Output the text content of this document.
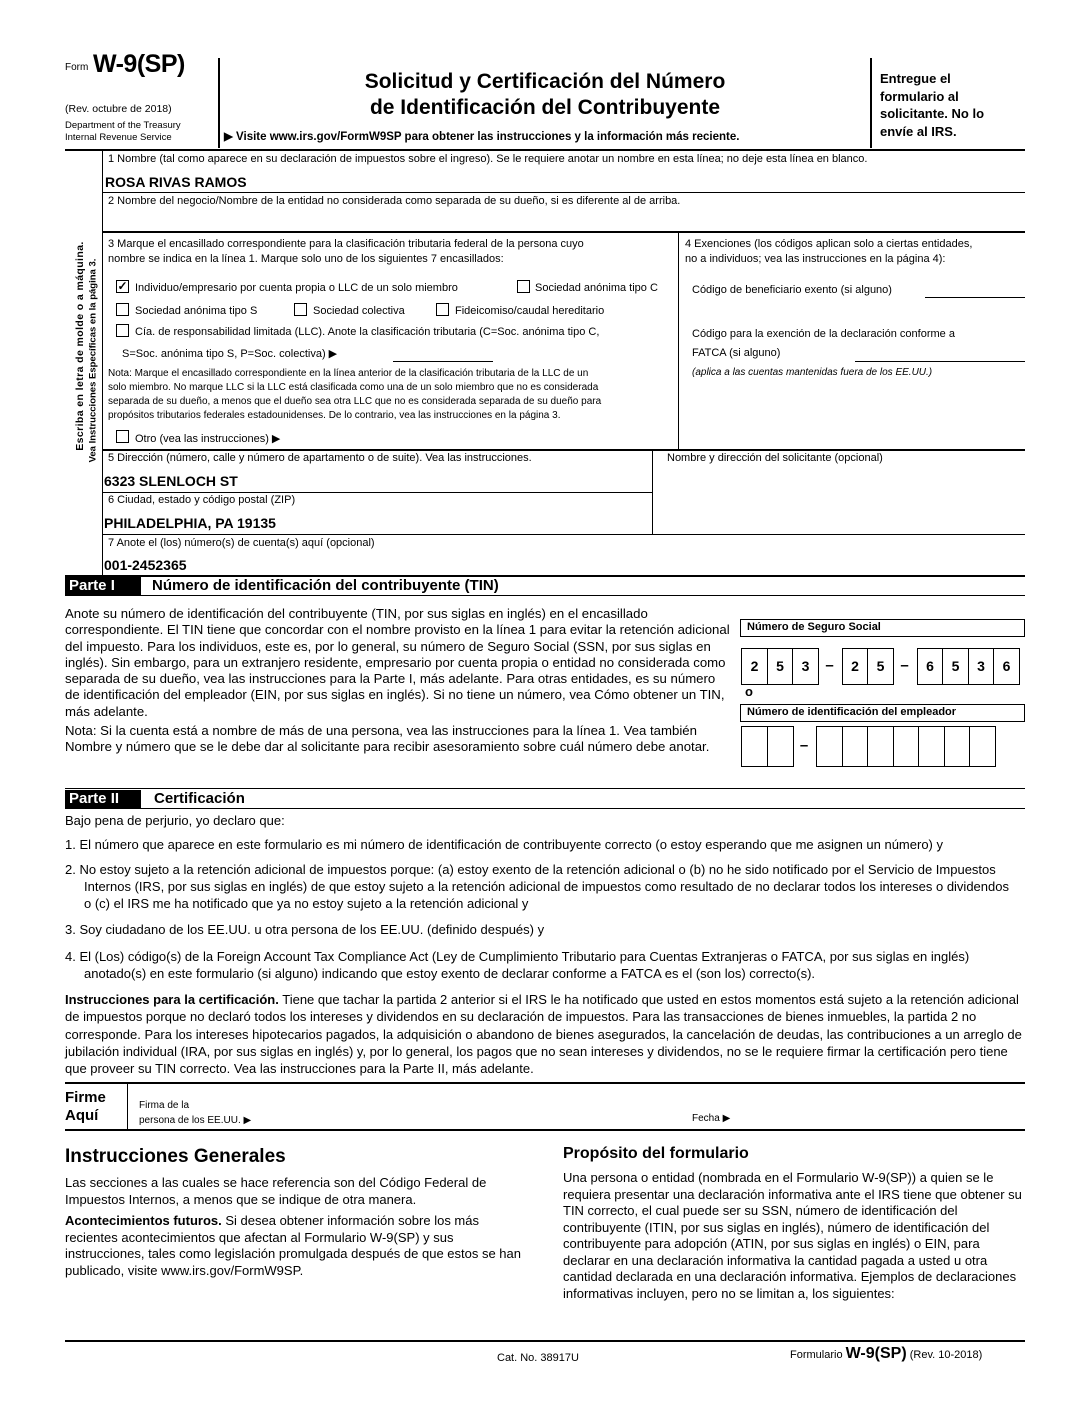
Form W-9(SP)
(Rev. octubre de 2018)
Department of the Treasury
Internal Revenue Service
Solicitud y Certificación del Número
de Identificación del Contribuyente
▶ Visite www.irs.gov/FormW9SP para obtener las instrucciones y la información más reciente.
Entregue el
formulario al
solicitante. No lo
envíe al IRS.
Escriba en letra de molde o a máquina. Vea Instrucciones Específicas en la página 3.
1 Nombre (tal como aparece en su declaración de impuestos sobre el ingreso). Se le requiere anotar un nombre en esta línea; no deje esta línea en blanco.
ROSA RIVAS RAMOS
2 Nombre del negocio/Nombre de la entidad no considerada como separada de su dueño, si es diferente al de arriba.
3 Marque el encasillado correspondiente para la clasificación tributaria federal de la persona cuyo
nombre se indica en la línea 1. Marque solo uno de los siguientes 7 encasillados:
✓ Individuo/empresario por cuenta propia o LLC de un solo miembro	Sociedad anónima tipo C
Sociedad anónima tipo S	Sociedad colectiva	Fideicomiso/caudal hereditario
Cía. de responsabilidad limitada (LLC). Anote la clasificación tributaria (C=Soc. anónima tipo C,
S=Soc. anónima tipo S, P=Soc. colectiva) ▶
Nota: Marque el encasillado correspondiente en la línea anterior de la clasificación tributaria de la LLC de un
solo miembro. No marque LLC si la LLC está clasificada como una de un solo miembro que no es considerada
separada de su dueño, a menos que el dueño sea otra LLC que no es considerada separada de su dueño para
propósitos tributarios federales estadounidenses. De lo contrario, vea las instrucciones en la página 3.
Otro (vea las instrucciones) ▶
4 Exenciones (los códigos aplican solo a ciertas entidades,
no a individuos; vea las instrucciones en la página 4):
Código de beneficiario exento (si alguno)
Código para la exención de la declaración conforme a
FATCA (si alguno)
(aplica a las cuentas mantenidas fuera de los EE.UU.)
5 Dirección (número, calle y número de apartamento o de suite). Vea las instrucciones.
6323 SLENLOCH ST
6 Ciudad, estado y código postal (ZIP)
PHILADELPHIA, PA 19135
Nombre y dirección del solicitante (opcional)
7 Anote el (los) número(s) de cuenta(s) aquí (opcional)
001-2452365
Parte I	Número de identificación del contribuyente (TIN)
Anote su número de identificación del contribuyente (TIN, por sus siglas en inglés) en el encasillado correspondiente. El TIN tiene que concordar con el nombre provisto en la línea 1 para evitar la retención adicional del impuesto. Para los individuos, este es, por lo general, su número de Seguro Social (SSN, por sus siglas en inglés). Sin embargo, para un extranjero residente, empresario por cuenta propia o entidad no considerada como separada de su dueño, vea las instrucciones para la Parte I, más adelante. Para otras entidades, es su número de identificación del empleador (EIN, por sus siglas en inglés). Si no tiene un número, vea Cómo obtener un TIN, más adelante.
Nota: Si la cuenta está a nombre de más de una persona, vea las instrucciones para la línea 1. Vea también Nombre y número que se le debe dar al solicitante para recibir asesoramiento sobre cuál número debe anotar.
Número de Seguro Social
2	5	3	–	2	5	–	6	5	3	6
o
Número de identificación del empleador
–
Parte II	Certificación
Bajo pena de perjurio, yo declaro que:
1. El número que aparece en este formulario es mi número de identificación de contribuyente correcto (o estoy esperando que me asignen un número) y
2. No estoy sujeto a la retención adicional de impuestos porque: (a) estoy exento de la retención adicional o (b) no he sido notificado por el Servicio de Impuestos Internos (IRS, por sus siglas en inglés) de que estoy sujeto a la retención adicional de impuestos como resultado de no declarar todos los intereses o dividendos o (c) el IRS me ha notificado que ya no estoy sujeto a la retención adicional y
3. Soy ciudadano de los EE.UU. u otra persona de los EE.UU. (definido después) y
4. El (Los) código(s) de la Foreign Account Tax Compliance Act (Ley de Cumplimiento Tributario para Cuentas Extranjeras o FATCA, por sus siglas en inglés) anotado(s) en este formulario (si alguno) indicando que estoy exento de declarar conforme a FATCA es el (son los) correcto(s).
Instrucciones para la certificación. Tiene que tachar la partida 2 anterior si el IRS le ha notificado que usted en estos momentos está sujeto a la retención adicional de impuestos porque no declaró todos los intereses y dividendos en su declaración de impuestos. Para las transacciones de bienes inmuebles, la partida 2 no corresponde. Para los intereses hipotecarios pagados, la adquisición o abandono de bienes asegurados, la cancelación de deudas, las contribuciones a un arreglo de jubilación individual (IRA, por sus siglas en inglés) y, por lo general, los pagos que no sean intereses y dividendos, no se le requiere firmar la certificación pero tiene que proveer su TIN correcto. Vea las instrucciones para la Parte II, más adelante.
Firme
Aquí
Firma de la
persona de los EE.UU. ▶	Fecha ▶
Instrucciones Generales
Las secciones a las cuales se hace referencia son del Código Federal de Impuestos Internos, a menos que se indique de otra manera.
Acontecimientos futuros. Si desea obtener información sobre los más recientes acontecimientos que afectan al Formulario W-9(SP) y sus instrucciones, tales como legislación promulgada después de que estos se han publicado, visite www.irs.gov/FormW9SP.
Propósito del formulario
Una persona o entidad (nombrada en el Formulario W-9(SP)) a quien se le requiera presentar una declaración informativa ante el IRS tiene que obtener su TIN correcto, el cual puede ser su SSN, número de identificación del contribuyente (ITIN, por sus siglas en inglés), número de identificación del contribuyente para adopción (ATIN, por sus siglas en inglés) o EIN, para declarar en una declaración informativa la cantidad pagada a usted u otra cantidad declarada en una declaración informativa. Ejemplos de declaraciones informativas incluyen, pero no se limitan a, los siguientes:
Cat. No. 38917U	Formulario W-9(SP) (Rev. 10-2018)
